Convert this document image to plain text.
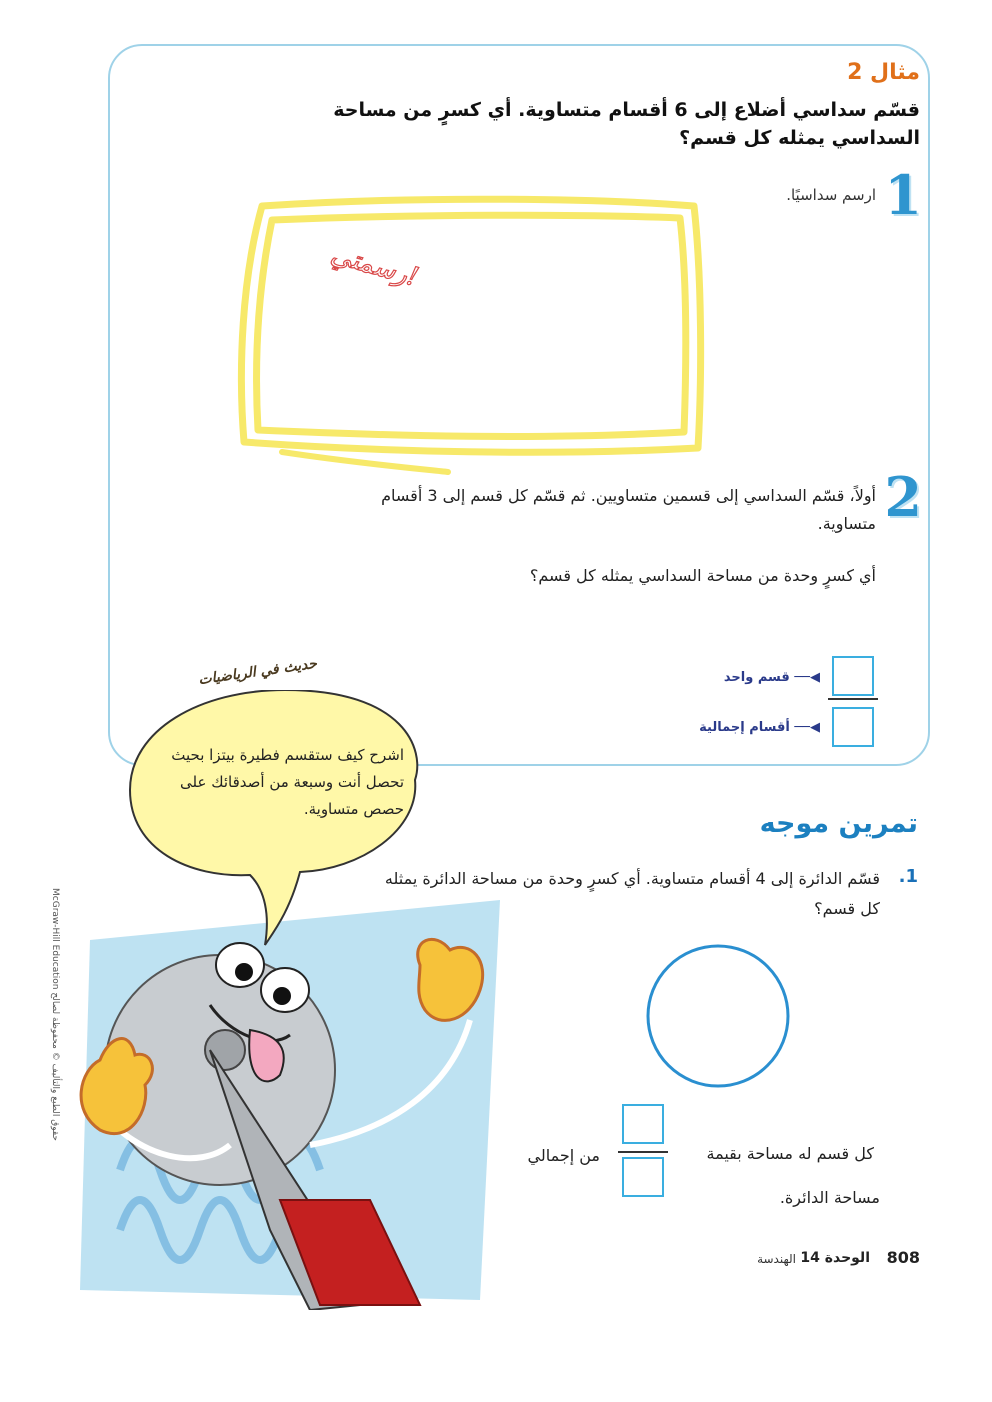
مثال 2
قسّم سداسي أضلاع إلى 6 أقسام متساوية. أي كسرٍ من مساحة السداسي يمثله كل قسم؟
1
ارسم سداسيًا.
رسمتي!
2
أولاً، قسّم السداسي إلى قسمين متساويين. ثم قسّم كل قسم إلى 3 أقسام متساوية.
أي كسرٍ وحدة من مساحة السداسي يمثله كل قسم؟
◀── قسم واحد
◀── أقسام إجمالية
حديث في الرياضيات
اشرح كيف ستقسم فطيرة بيتزا بحيث تحصل أنت وسبعة من أصدقائك على حصص متساوية.	تمرين موجه
1.
قسّم الدائرة إلى 4 أقسام متساوية. أي كسرٍ وحدة من مساحة الدائرة يمثله كل قسم؟
كل قسم له مساحة بقيمة
من إجمالي
مساحة الدائرة.
808
الوحدة 14
الهندسة
McGraw-Hill Education حقوق الطبع والتأليف © محفوظة لصالح
